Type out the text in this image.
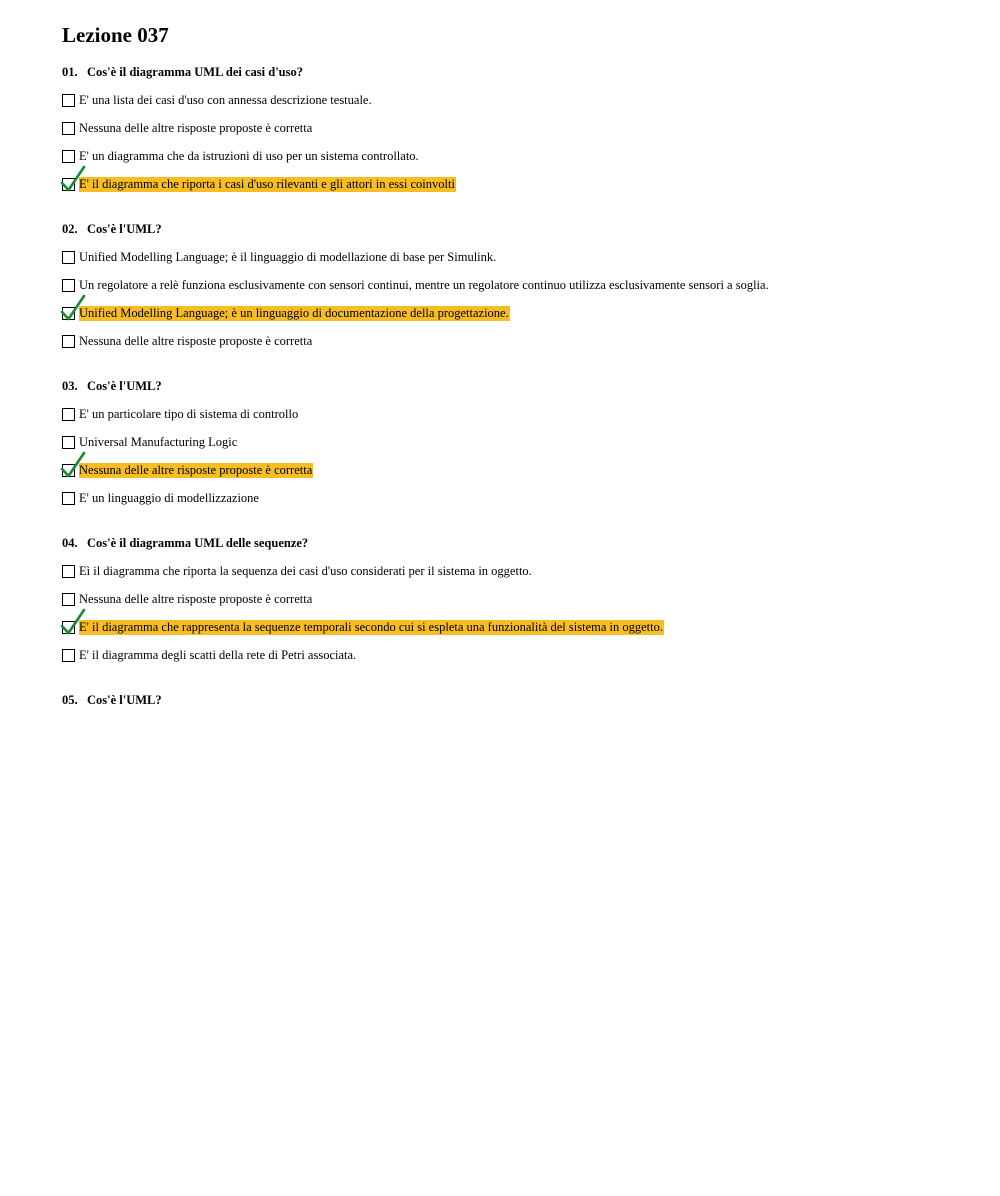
Lezione 037
01. Cos'è il diagramma UML dei casi d'uso?
E' una lista dei casi d'uso con annessa descrizione testuale.
Nessuna delle altre risposte proposte è corretta
E' un diagramma che da istruzioni di uso per un sistema controllato.
E' il diagramma che riporta i casi d'uso rilevanti e gli attori in essi coinvolti
02. Cos'è l'UML?
Unified Modelling Language; è il linguaggio di modellazione di base per Simulink.
Un regolatore a relè funziona esclusivamente con sensori continui, mentre un regolatore continuo utilizza esclusivamente sensori a soglia.
Unified Modelling Language; è un linguaggio di documentazione della progettazione.
Nessuna delle altre risposte proposte è corretta
03. Cos'è l'UML?
E' un particolare tipo di sistema di controllo
Universal Manufacturing Logic
Nessuna delle altre risposte proposte è corretta
E' un linguaggio di modellizzazione
04. Cos'è il diagramma UML delle sequenze?
Eì il diagramma che riporta la sequenza dei casi d'uso considerati per il sistema in oggetto.
Nessuna delle altre risposte proposte è corretta
E' il diagramma che rappresenta la sequenze temporali secondo cui si espleta una funzionalità del sistema in oggetto.
E' il diagramma degli scatti della rete di Petri associata.
05. Cos'è l'UML?
